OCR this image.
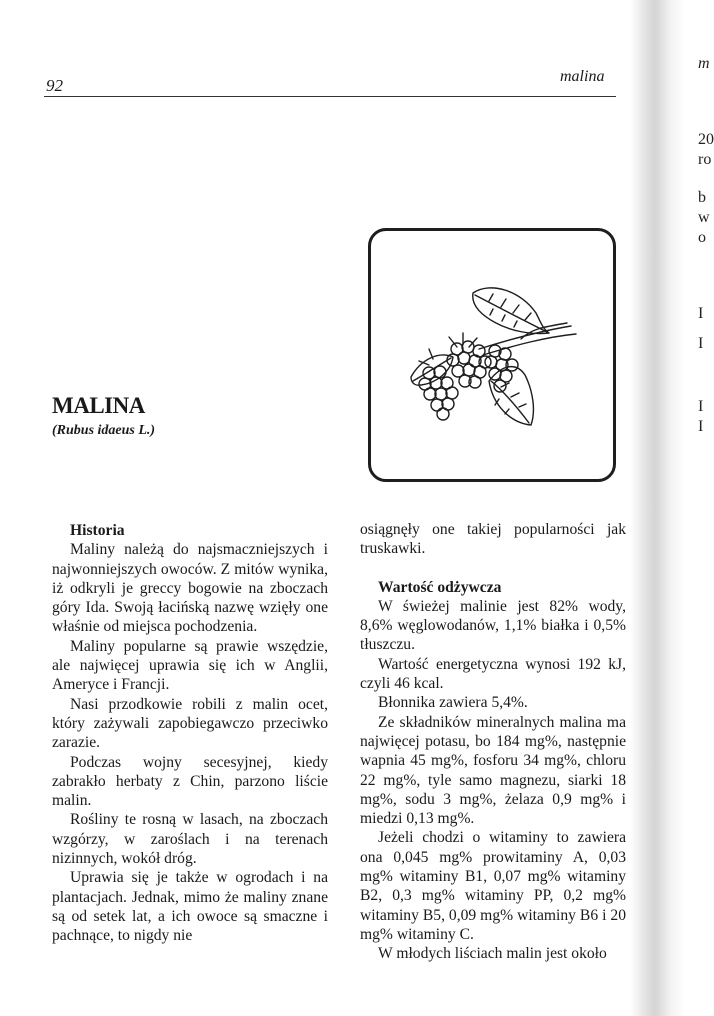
m
20
ro
b
w
o
I
I
I
I
92	malina
MALINA
(Rubus idaeus L.)
Historia

Maliny należą do najsmaczniejszych i najwonniejszych owoców. Z mitów wynika, iż odkryli je greccy bogowie na zboczach góry Ida. Swoją łacińską nazwę wzięły one właśnie od miejsca pochodzenia.

Maliny popularne są prawie wszędzie, ale najwięcej uprawia się ich w Anglii, Ameryce i Francji.

Nasi przodkowie robili z malin ocet, który zażywali zapobiegawczo przeciwko zarazie.

Podczas wojny secesyjnej, kiedy zabrakło herbaty z Chin, parzono liście malin.

Rośliny te rosną w lasach, na zboczach wzgórzy, w zaroślach i na terenach nizinnych, wokół dróg.

Uprawia się je także w ogrodach i na plantacjach. Jednak, mimo że maliny znane są od setek lat, a ich owoce są smaczne i pachnące, to nigdy nie

osiągnęły one takiej popularności jak truskawki.

Wartość odżywcza

W świeżej malinie jest 82% wody, 8,6% węglowodanów, 1,1% białka i 0,5% tłuszczu.

Wartość energetyczna wynosi 192 kJ, czyli 46 kcal.

Błonnika zawiera 5,4%.

Ze składników mineralnych malina ma najwięcej potasu, bo 184 mg%, następnie wapnia 45 mg%, fosforu 34 mg%, chloru 22 mg%, tyle samo magnezu, siarki 18 mg%, sodu 3 mg%, żelaza 0,9 mg% i miedzi 0,13 mg%.

Jeżeli chodzi o witaminy to zawiera ona 0,045 mg% prowitaminy A, 0,03 mg% witaminy B1, 0,07 mg% witaminy B2, 0,3 mg% witaminy PP, 0,2 mg% witaminy B5, 0,09 mg% witaminy B6 i 20 mg% witaminy C.

W młodych liściach malin jest około
